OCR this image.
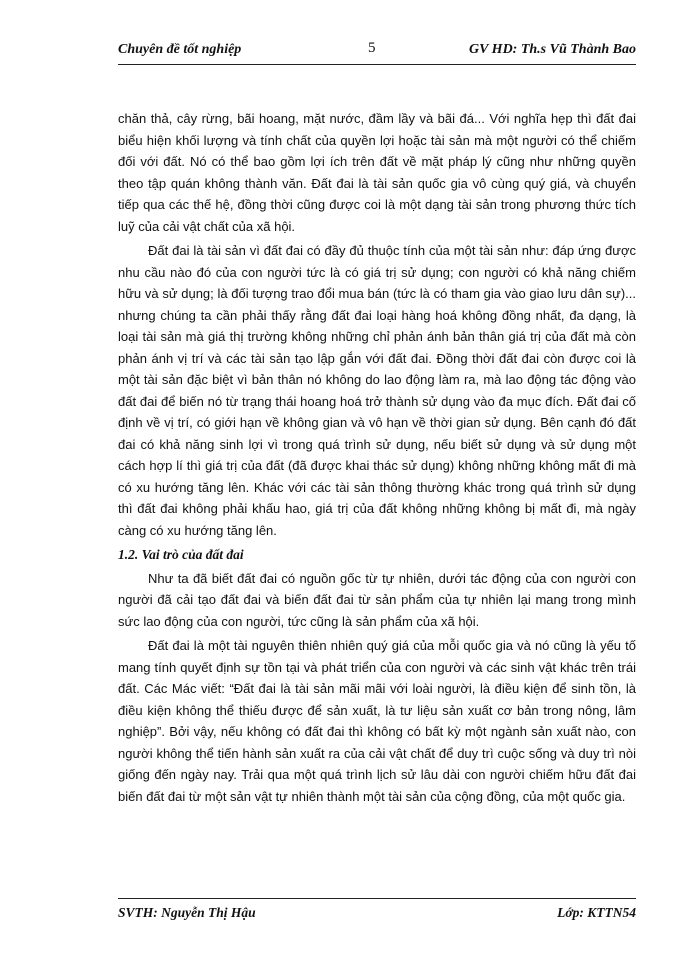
Chuyên đề tốt nghiệp	5	GV HD: Th.s Vũ Thành Bao

chăn thả, cây rừng, bãi hoang, mặt nước, đầm lầy và bãi đá... Với nghĩa hẹp thì đất đai biểu hiện khối lượng và tính chất của quyền lợi hoặc tài sản mà một người có thể chiếm đối với đất. Nó có thể bao gồm lợi ích trên đất về mặt pháp lý cũng như những quyền theo tập quán không thành văn. Đất đai là tài sản quốc gia vô cùng quý giá, và chuyển tiếp qua các thế hệ, đồng thời cũng được coi là một dạng tài sản trong phương thức tích luỹ của cải vật chất của xã hội.

Đất đai là tài sản vì đất đai có đầy đủ thuộc tính của một tài sản như: đáp ứng được nhu cầu nào đó của con người tức là có giá trị sử dụng; con người có khả năng chiếm hữu và sử dụng; là đối tượng trao đổi mua bán (tức là có tham gia vào giao lưu dân sự)... nhưng chúng ta cần phải thấy rằng đất đai loại hàng hoá không đồng nhất, đa dạng, là loại tài sản mà giá thị trường không những chỉ phản ánh bản thân giá trị của đất mà còn phản ánh vị trí và các tài sản tạo lập gắn với đất đai. Đồng thời đất đai còn được coi là một tài sản đặc biệt vì bản thân nó không do lao động làm ra, mà lao động tác động vào đất đai để biến nó từ trạng thái hoang hoá trở thành sử dụng vào đa mục đích. Đất đai cố định về vị trí, có giới hạn về không gian và vô hạn về thời gian sử dụng. Bên cạnh đó đất đai có khả năng sinh lợi vì trong quá trình sử dụng, nếu biết sử dụng và sử dụng một cách hợp lí thì giá trị của đất (đã được khai thác sử dụng) không những không mất đi mà có xu hướng tăng lên. Khác với các tài sản thông thường khác trong quá trình sử dụng thì đất đai không phải khấu hao, giá trị của đất không những không bị mất đi, mà ngày càng có xu hướng tăng lên.

1.2. Vai trò của đất đai

Như ta đã biết đất đai có nguồn gốc từ tự nhiên, dưới tác động của con người con người đã cải tạo đất đai và biến đất đai từ sản phẩm của tự nhiên lại mang trong mình sức lao động của con người, tức cũng là sản phẩm của xã hội.

Đất đai là một tài nguyên thiên nhiên quý giá của mỗi quốc gia và nó cũng là yếu tố mang tính quyết định sự tồn tại và phát triển của con người và các sinh vật khác trên trái đất. Các Mác viết: “Đất đai là tài sản mãi mãi với loài người, là điều kiện để sinh tồn, là điều kiện không thể thiếu được để sản xuất, là tư liệu sản xuất cơ bản trong nông, lâm nghiệp”. Bởi vậy, nếu không có đất đai thì không có bất kỳ một ngành sản xuất nào, con người không thể tiến hành sản xuất ra của cải vật chất để duy trì cuộc sống và duy trì nòi giống đến ngày nay. Trải qua một quá trình lịch sử lâu dài con người chiếm hữu đất đai biến đất đai từ một sản vật tự nhiên thành một tài sản của cộng đồng, của một quốc gia.

SVTH: Nguyễn Thị Hậu	Lớp: KTTN54
